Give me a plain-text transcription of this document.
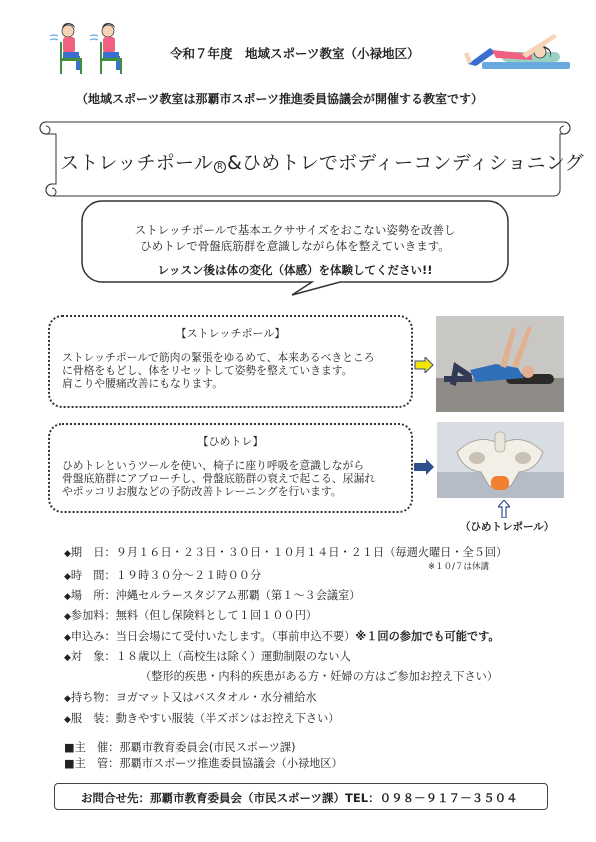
令和７年度　地域スポーツ教室（小禄地区）
（地域スポーツ教室は那覇市スポーツ推進委員協議会が開催する教室です）
ストレッチポール R &ひめトレでボディーコンディショニング
ストレッチポールで基本エクササイズをおこない姿勢を改善し
ひめトレで骨盤底筋群を意識しながら体を整えていきます。
レッスン後は体の変化（体感）を体験してください!!
【ストレッチポール】
ストレッチポールで筋肉の緊張をゆるめて、本来あるべきところ
に骨格をもどし、体をリセットして姿勢を整えていきます。
肩こりや腰痛改善にもなります。
【ひめトレ】
ひめトレというツールを使い、椅子に座り呼吸を意識しながら
骨盤底筋群にアプローチし、骨盤底筋群の衰えで起こる、尿漏れ
やポッコリお腹などの予防改善トレーニングを行います。
（ひめトレポール）
◆期　日：９月１６日・２３日・３０日・１０月１４日・２１日（毎週火曜日・全５回）
※１０/７は休講
◆時　間：１９時３０分～２１時００分
◆場　所：沖縄セルラースタジアム那覇（第１～３会議室）
◆参加料：無料（但し保険料として１回１００円）
◆申込み：当日会場にて受付いたします。（事前申込不要）※１回の参加でも可能です。
◆対　象：１８歳以上（高校生は除く）運動制限のない人
（整形的疾患・内科的疾患がある方・妊婦の方はご参加お控え下さい）
◆持ち物：ヨガマット又はバスタオル・水分補給水
◆服　装：動きやすい服装（半ズボンはお控え下さい）
■主　催：那覇市教育委員会(市民スポーツ課)
■主　管：那覇市スポーツ推進委員協議会（小禄地区）
お問合せ先：那覇市教育委員会（市民スポーツ課）TEL：０９８－９１７－３５０４
